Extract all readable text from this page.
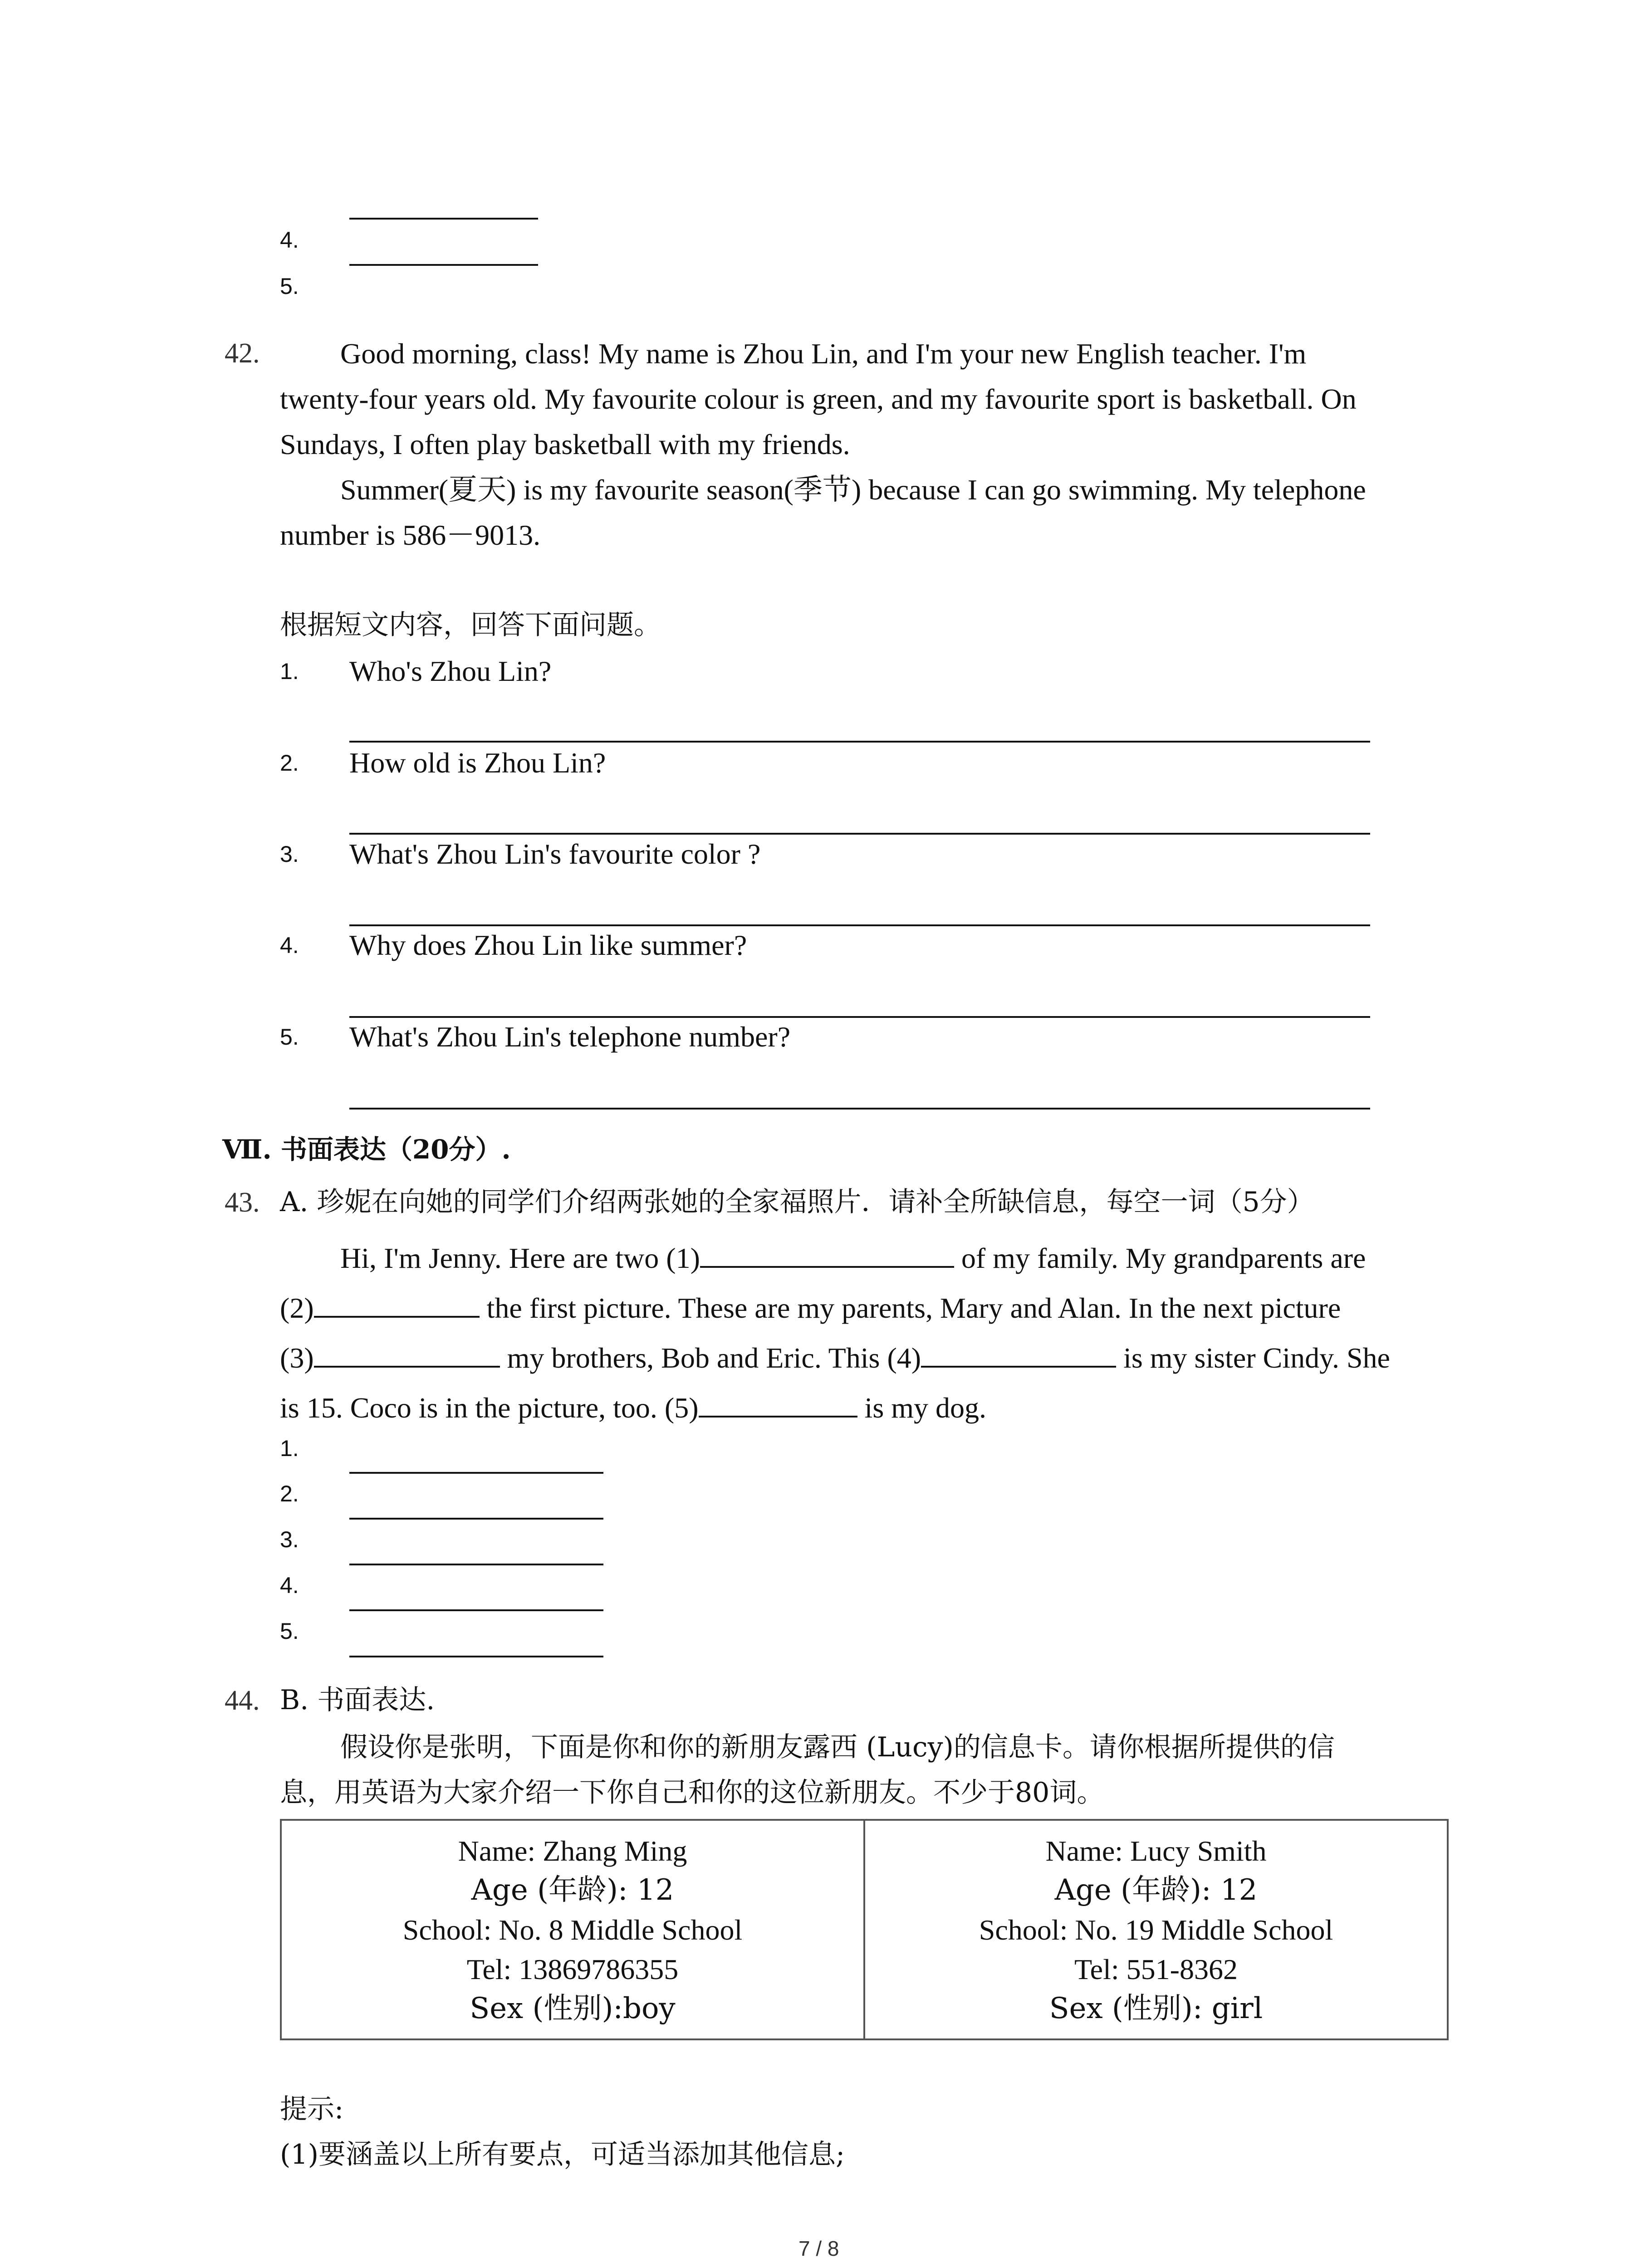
4.
5.
42.	Good morning, class! My name is Zhou Lin, and I'm your new English teacher. I'm
twenty-four years old. My favourite colour is green, and my favourite sport is basketball. On
Sundays, I often play basketball with my friends.
Summer(夏天) is my favourite season(季节) because I can go swimming. My telephone
number is 586－9013.
根据短文内容，回答下面问题。
1. Who's Zhou Lin?
2. How old is Zhou Lin?
3. What's Zhou Lin's favourite color ?
4. Why does Zhou Lin like summer?
5. What's Zhou Lin's telephone number?
Ⅶ. 书面表达（20分）.
43. A. 珍妮在向她的同学们介绍两张她的全家福照片．请补全所缺信息，每空一词（5分）
Hi, I'm Jenny. Here are two (1)	of my family. My grandparents are
(2)	the first picture. These are my parents, Mary and Alan. In the next picture
(3)	my brothers, Bob and Eric. This (4)	is my sister Cindy. She
is 15. Coco is in the picture, too. (5)	is my dog.
1.
2.
3.
4.
5.
44. B. 书面表达.
假设你是张明，下面是你和你的新朋友露西 (Lucy)的信息卡。请你根据所提供的信
息，用英语为大家介绍一下你自己和你的这位新朋友。不少于80词。
Name: Zhang Ming
Age (年龄): 12
School: No. 8 Middle School
Tel: 13869786355
Sex (性别):boy

Name: Lucy Smith
Age (年龄): 12
School: No. 19 Middle School
Tel: 551-8362
Sex (性别): girl
提示:
(1)要涵盖以上所有要点，可适当添加其他信息;
7 / 8
